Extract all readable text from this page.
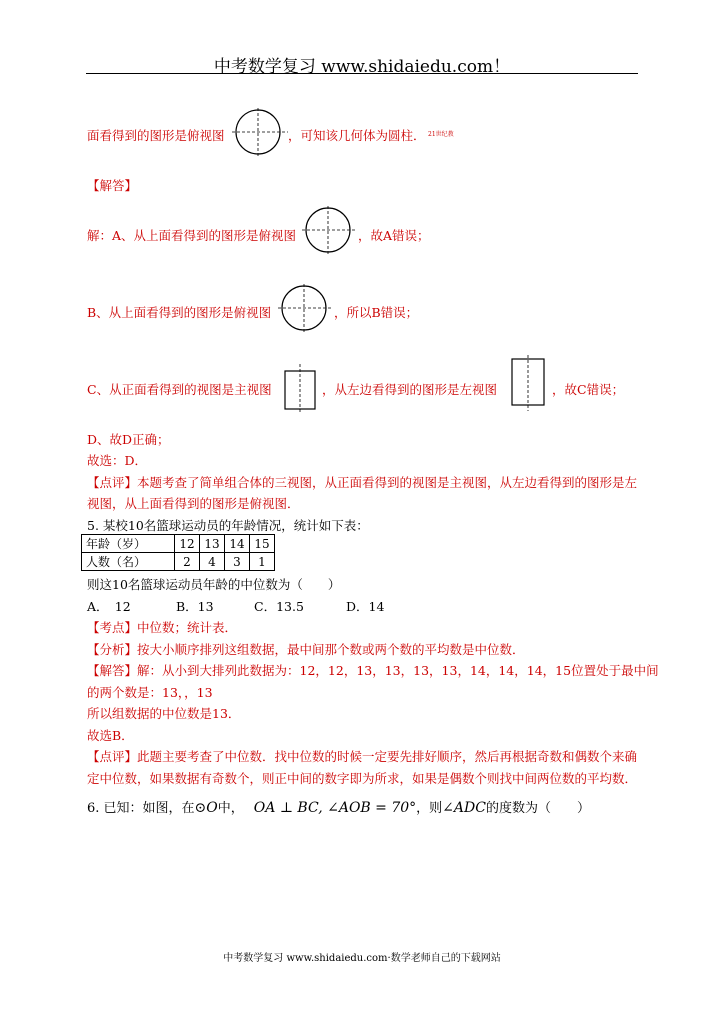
中考数学复习 www.shidaiedu.com！
面看得到的图形是俯视图	，可知该几何体为圆柱． 21世纪教
【解答】
解：A、从上面看得到的图形是俯视图	，故A错误；
B、从上面看得到的图形是俯视图	，所以B错误；
C、从正面看得到的视图是主视图	，从左边看得到的图形是左视图	，故C错误；
D、故D正确；
故选：D．
【点评】本题考查了简单组合体的三视图，从正面看得到的视图是主视图，从左边看得到的图形是左
视图，从上面看得到的图形是俯视图．
5. 某校10名篮球运动员的年龄情况，统计如下表：
年龄（岁）	12	13	14	15
人数（名）	2	4	3	1
则这10名篮球运动员年龄的中位数为（　　）
A．　12	B．13	C．13.5	D．14
【考点】中位数；统计表．
【分析】按大小顺序排列这组数据，最中间那个数或两个数的平均数是中位数．
【解答】解：从小到大排列此数据为：12，12，13，13，13，13，14，14，14，15位置处于最中间
的两个数是：13，，13
所以组数据的中位数是13．
故选B．
【点评】此题主要考查了中位数．找中位数的时候一定要先排好顺序，然后再根据奇数和偶数个来确
定中位数，如果数据有奇数个，则正中间的数字即为所求，如果是偶数个则找中间两位数的平均数．
6. 已知：如图，在⊙O中， OA ⊥ BC, ∠AOB = 70°，则∠ADC的度数为（　　）
中考数学复习 www.shidaiedu.com·数学老师自己的下载网站
